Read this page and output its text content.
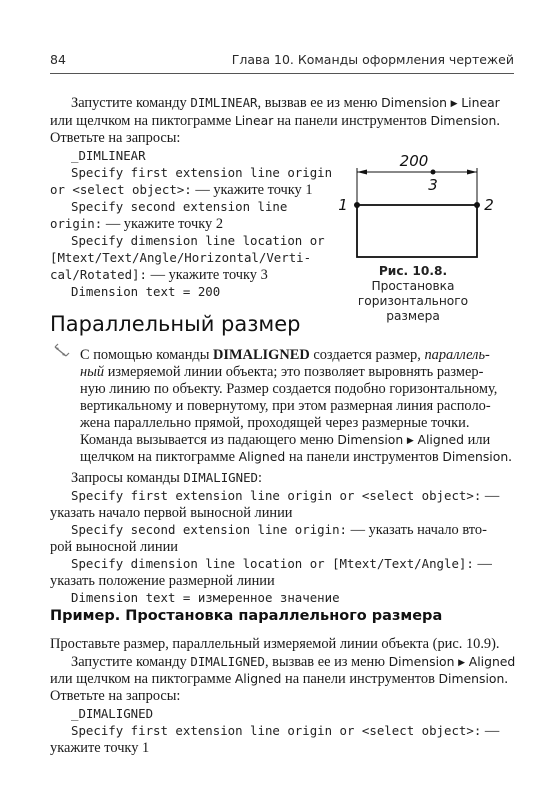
84	Глава 10. Команды оформления чертежей
Запустите команду DIMLINEAR, вызвав ее из меню Dimension ▶ Linear
или щелчком на пиктограмме Linear на панели инструментов Dimension.
Ответьте на запросы:
_DIMLINEAR
Specify first extension line origin
or <select object>: — укажите точку 1
Specify second extension line
origin: — укажите точку 2
Specify dimension line location or
[Mtext/Text/Angle/Horizontal/Verti-
cal/Rotated]: — укажите точку 3
Dimension text = 200
200
3
1	2
Рис. 10.8. Простановка
горизонтального
размера
Параллельный размер
С помощью команды DIMALIGNED создается размер, параллель-
ный измеряемой линии объекта; это позволяет выровнять размер-
ную линию по объекту. Размер создается подобно горизонтальному,
вертикальному и повернутому, при этом размерная линия располо-
жена параллельно прямой, проходящей через размерные точки.
Команда вызывается из падающего меню Dimension ▶ Aligned или
щелчком на пиктограмме Aligned на панели инструментов Dimension.
Запросы команды DIMALIGNED:
Specify first extension line origin or <select object>: —
указать начало первой выносной линии
Specify second extension line origin: — указать начало вто-
рой выносной линии
Specify dimension line location or [Mtext/Text/Angle]: —
указать положение размерной линии
Dimension text = измеренное значение
Пример. Простановка параллельного размера
Проставьте размер, параллельный измеряемой линии объекта (рис. 10.9).
Запустите команду DIMALIGNED, вызвав ее из меню Dimension ▶ Aligned
или щелчком на пиктограмме Aligned на панели инструментов Dimension.
Ответьте на запросы:
_DIMALIGNED
Specify first extension line origin or <select object>: —
укажите точку 1
